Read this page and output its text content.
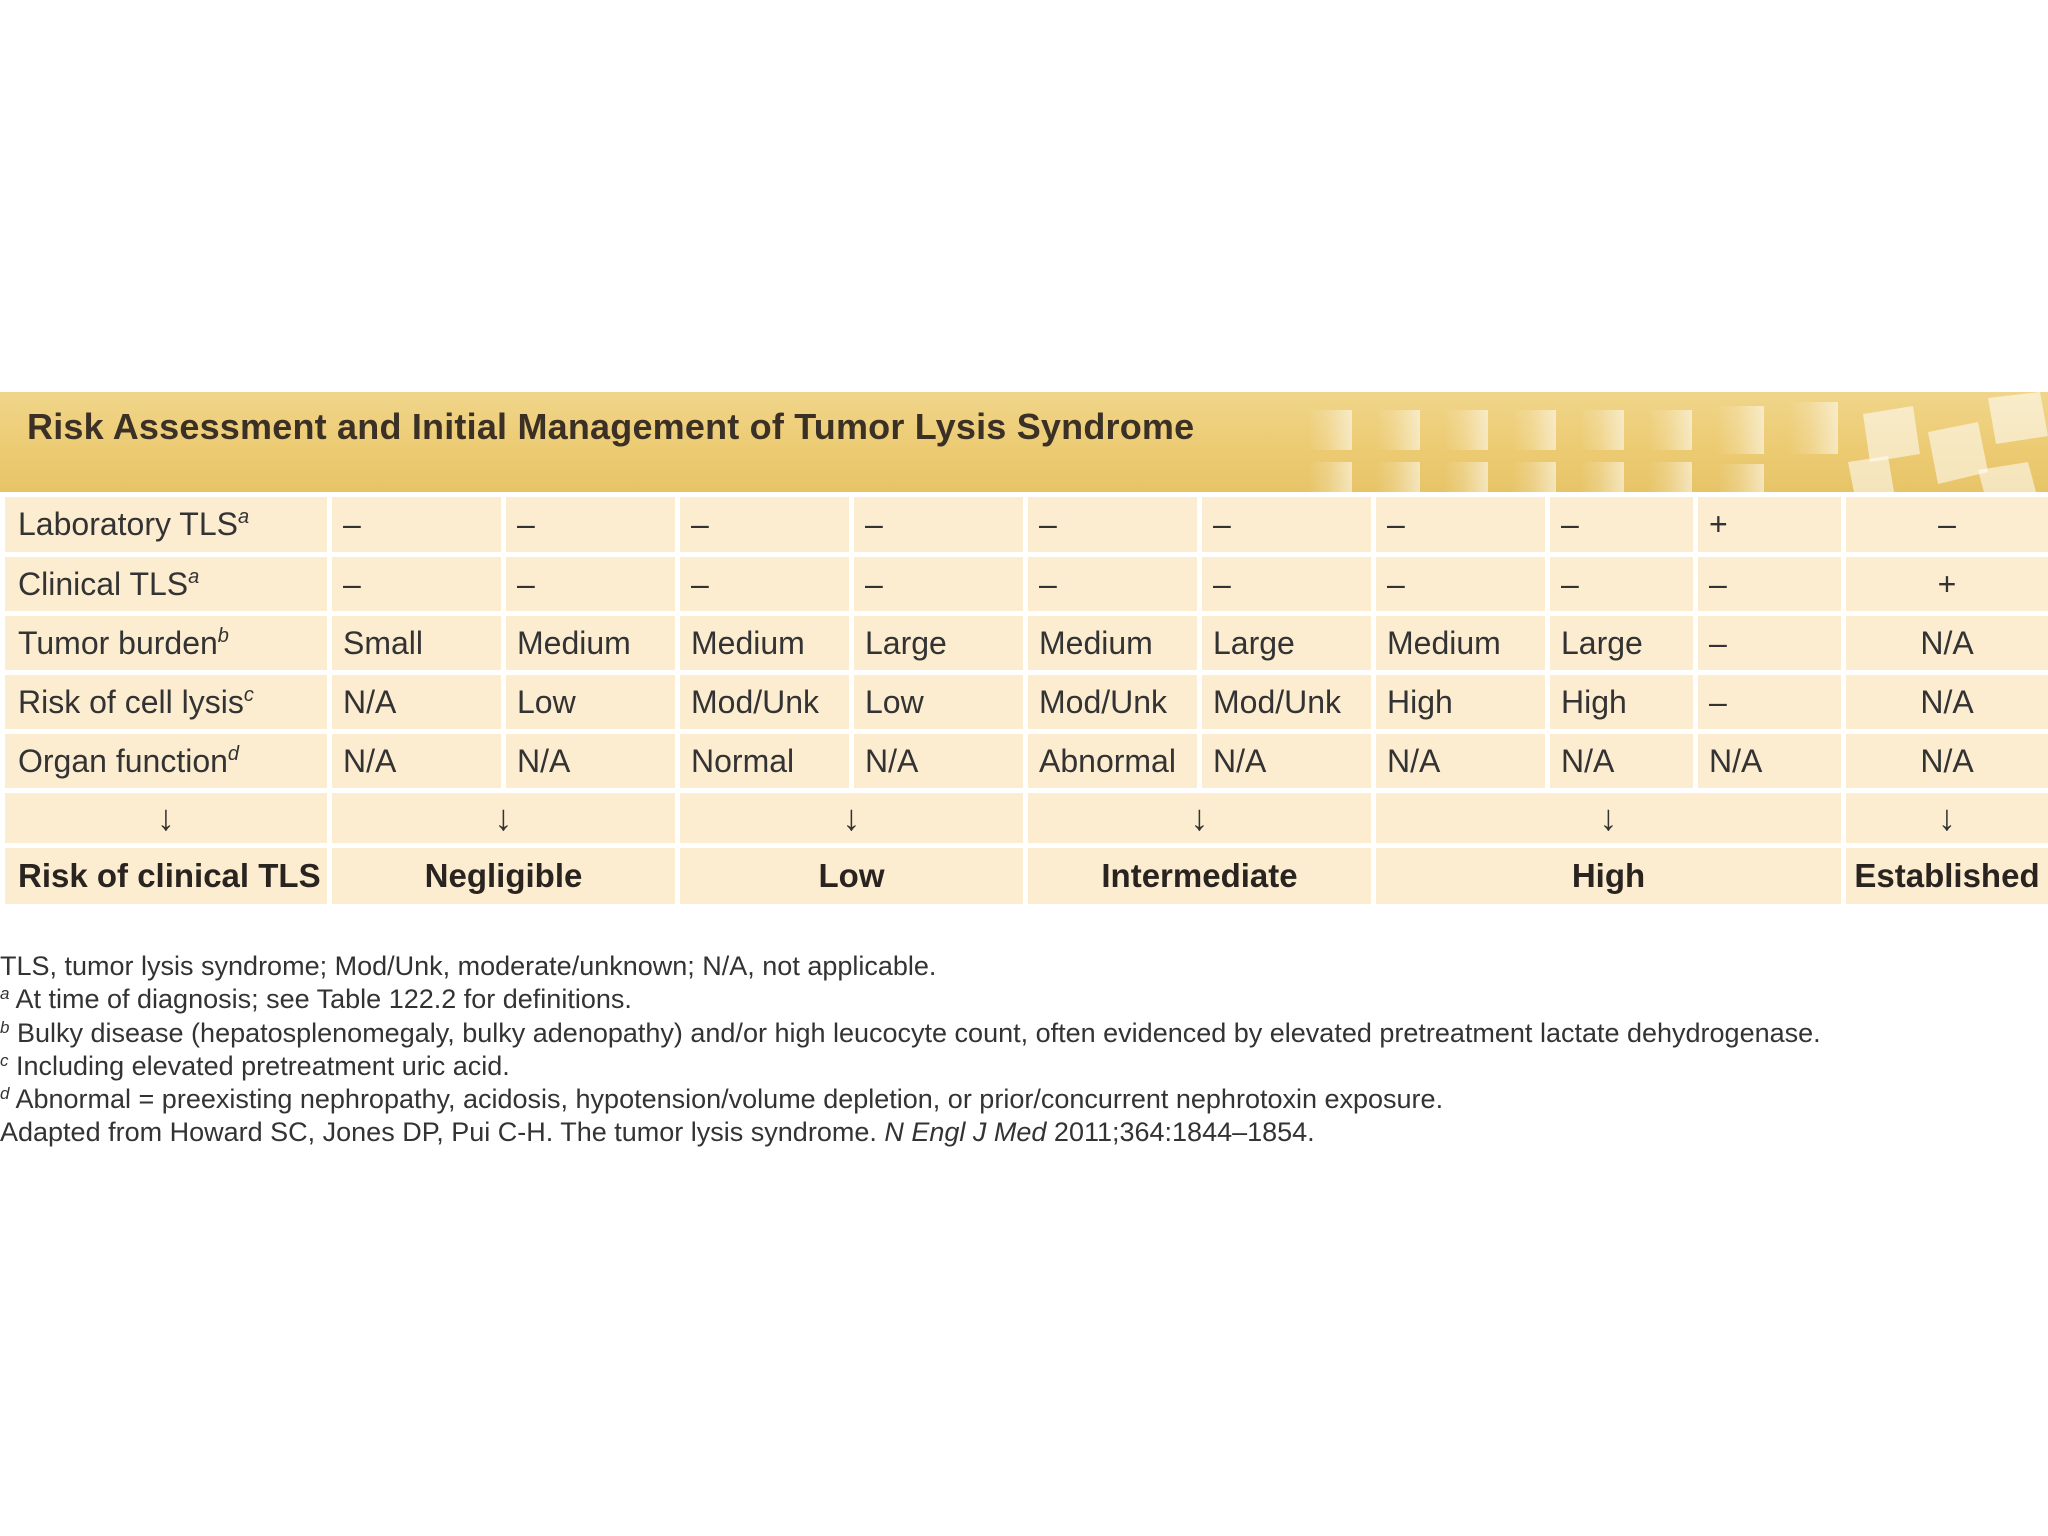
Risk Assessment and Initial Management of Tumor Lysis Syndrome
Laboratory TLS$^a$	–	–	–	–	–	–	–	–	+	–
Clinical TLS$^a$	–	–	–	–	–	–	–	–	–	+
Tumor burden$^b$	Small	Medium	Medium	Large	Medium	Large	Medium	Large	–	N/A
Risk of cell lysis$^c$	N/A	Low	Mod/Unk	Low	Mod/Unk	Mod/Unk	High	High	–	N/A
Organ function$^d$	N/A	N/A	Normal	N/A	Abnormal	N/A	N/A	N/A	N/A	N/A
↓	↓		↓		↓		↓			↓
Risk of clinical TLS	Negligible		Low		Intermediate		High			Established
TLS, tumor lysis syndrome; Mod/Unk, moderate/unknown; N/A, not applicable.
$^a$ At time of diagnosis; see Table 122.2 for definitions.
$^b$ Bulky disease (hepatosplenomegaly, bulky adenopathy) and/or high leucocyte count, often evidenced by elevated pretreatment lactate dehydrogenase.
$^c$ Including elevated pretreatment uric acid.
$^d$ Abnormal = preexisting nephropathy, acidosis, hypotension/volume depletion, or prior/concurrent nephrotoxin exposure.
Adapted from Howard SC, Jones DP, Pui C-H. The tumor lysis syndrome. N Engl J Med 2011;364:1844–1854.
